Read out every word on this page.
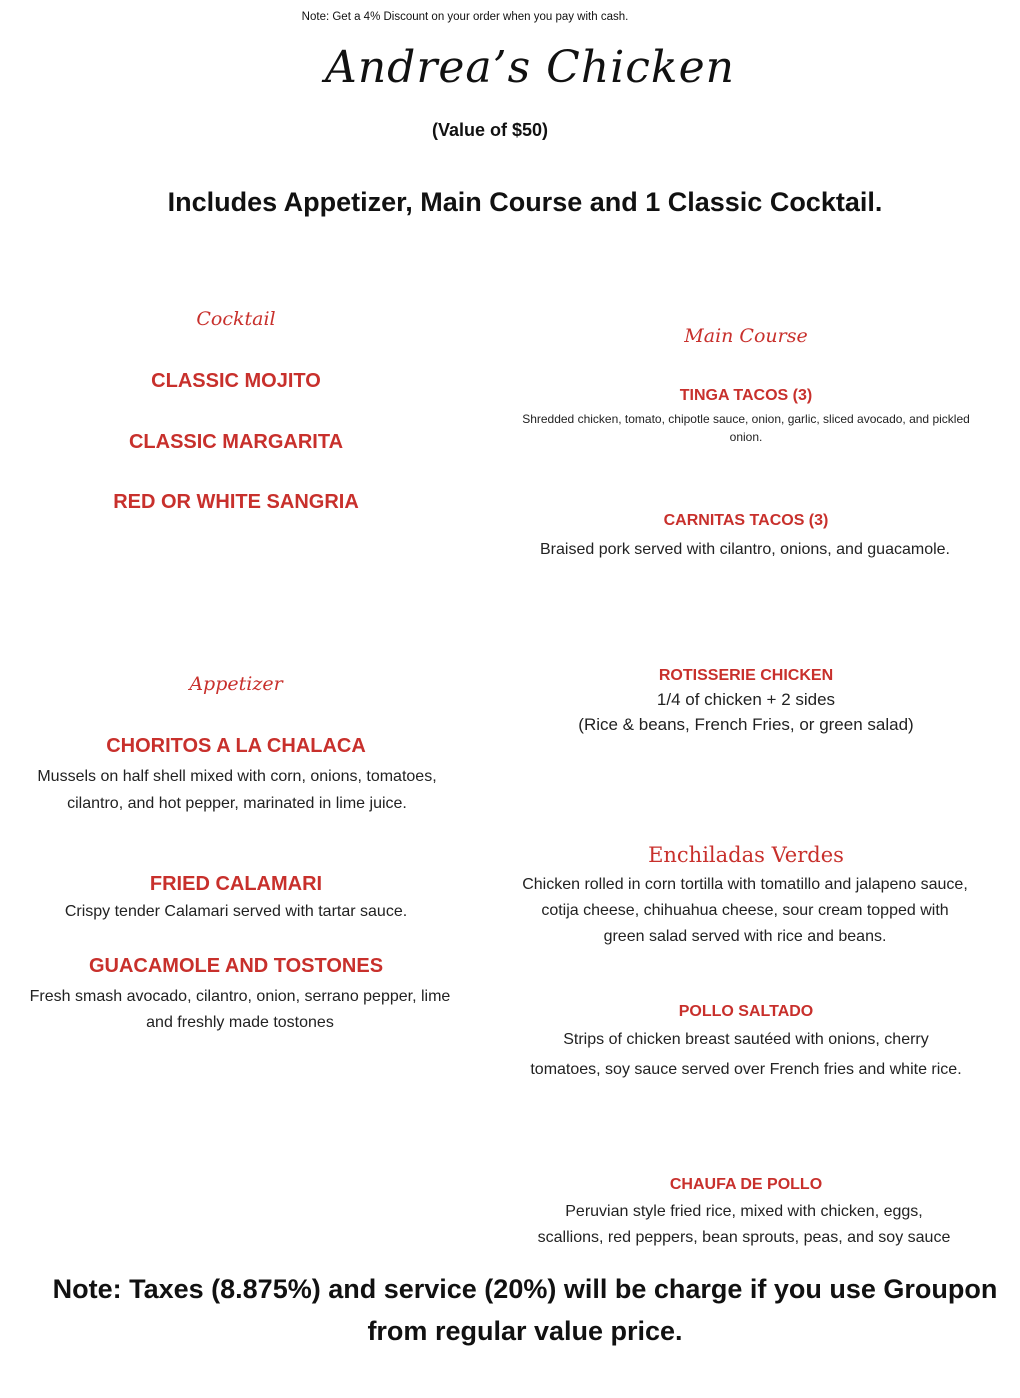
Note: Get a 4% Discount on your order when you pay with cash.
Andrea’s Chicken
(Value of $50)
Includes Appetizer, Main Course and 1 Classic Cocktail.
Cocktail
CLASSIC MOJITO
CLASSIC MARGARITA
RED OR WHITE SANGRIA
Appetizer
CHORITOS A LA CHALACA
Mussels on half shell mixed with corn, onions, tomatoes, cilantro, and hot pepper, marinated in lime juice.
FRIED CALAMARI
Crispy tender Calamari served with tartar sauce.
GUACAMOLE AND TOSTONES
Fresh smash avocado, cilantro, onion, serrano pepper, lime and freshly made tostones
Main Course
TINGA TACOS (3)
Shredded chicken, tomato, chipotle sauce, onion, garlic, sliced avocado, and pickled onion.
CARNITAS TACOS (3)
Braised pork served with cilantro, onions, and guacamole.
ROTISSERIE CHICKEN
1/4 of chicken + 2 sides
(Rice & beans, French Fries, or green salad)
Enchiladas Verdes
Chicken rolled in corn tortilla with tomatillo and jalapeno sauce, cotija cheese, chihuahua cheese, sour cream topped with green salad served with rice and beans.
POLLO SALTADO
Strips of chicken breast sautéed with onions, cherry tomatoes, soy sauce served over French fries and white rice.
CHAUFA DE POLLO
Peruvian style fried rice, mixed with chicken, eggs, scallions, red peppers, bean sprouts, peas, and soy sauce
Note: Taxes (8.875%) and service (20%) will be charge if you use Groupon from regular value price.
